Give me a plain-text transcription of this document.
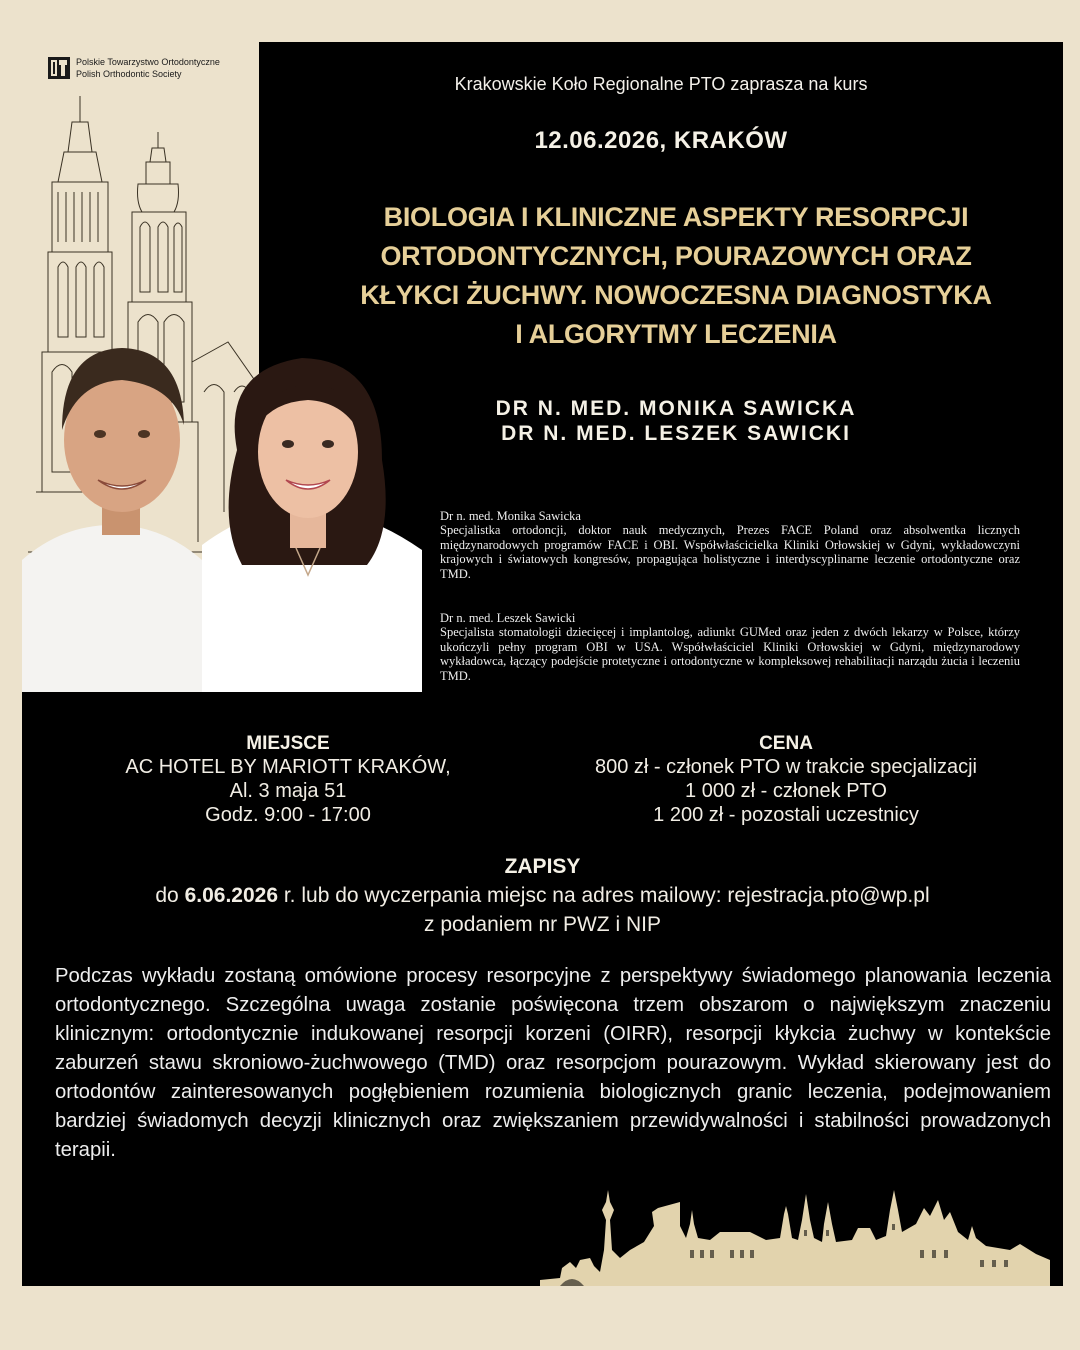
Polskie Towarzystwo Ortodontyczne
Polish Orthodontic Society	Krakowskie Koło Regionalne PTO zaprasza na kurs
12.06.2026, KRAKÓW
BIOLOGIA I KLINICZNE ASPEKTY RESORPCJI
ORTODONTYCZNYCH, POURAZOWYCH ORAZ
KŁYKCI ŻUCHWY. NOWOCZESNA DIAGNOSTYKA
I ALGORYTMY LECZENIA
DR N. MED. MONIKA SAWICKA
DR N. MED. LESZEK SAWICKI
Dr n. med. Monika Sawicka
Specjalistka ortodoncji, doktor nauk medycznych, Prezes FACE Poland oraz absolwentka licznych międzynarodowych programów FACE i OBI. Współwłaścicielka Kliniki Orłowskiej w Gdyni, wykładowczyni krajowych i światowych kongresów, propagująca holistyczne i interdyscyplinarne leczenie ortodontyczne oraz TMD.
Dr n. med. Leszek Sawicki
Specjalista stomatologii dziecięcej i implantolog, adiunkt GUMed oraz jeden z dwóch lekarzy w Polsce, którzy ukończyli pełny program OBI w USA. Współwłaściciel Kliniki Orłowskiej w Gdyni, międzynarodowy wykładowca, łączący podejście protetyczne i ortodontyczne w kompleksowej rehabilitacji narządu żucia i leczeniu TMD.
MIEJSCE
AC HOTEL BY MARIOTT KRAKÓW,
Al. 3 maja 51
Godz. 9:00 - 17:00
CENA
800 zł - członek PTO w trakcie specjalizacji
1 000 zł - członek PTO
1 200 zł - pozostali uczestnicy
ZAPISY
do 6.06.2026 r. lub do wyczerpania miejsc na adres mailowy: rejestracja.pto@wp.pl
z podaniem nr PWZ i NIP
Podczas wykładu zostaną omówione procesy resorpcyjne z perspektywy świadomego planowania leczenia ortodontycznego. Szczególna uwaga zostanie poświęcona trzem obszarom o największym znaczeniu klinicznym: ortodontycznie indukowanej resorpcji korzeni (OIRR), resorpcji kłykcia żuchwy w kontekście zaburzeń stawu skroniowo-żuchwowego (TMD) oraz resorpcjom pourazowym. Wykład skierowany jest do ortodontów zainteresowanych pogłębieniem rozumienia biologicznych granic leczenia, podejmowaniem bardziej świadomych decyzji klinicznych oraz zwiększaniem przewidywalności i stabilności prowadzonych terapii.
